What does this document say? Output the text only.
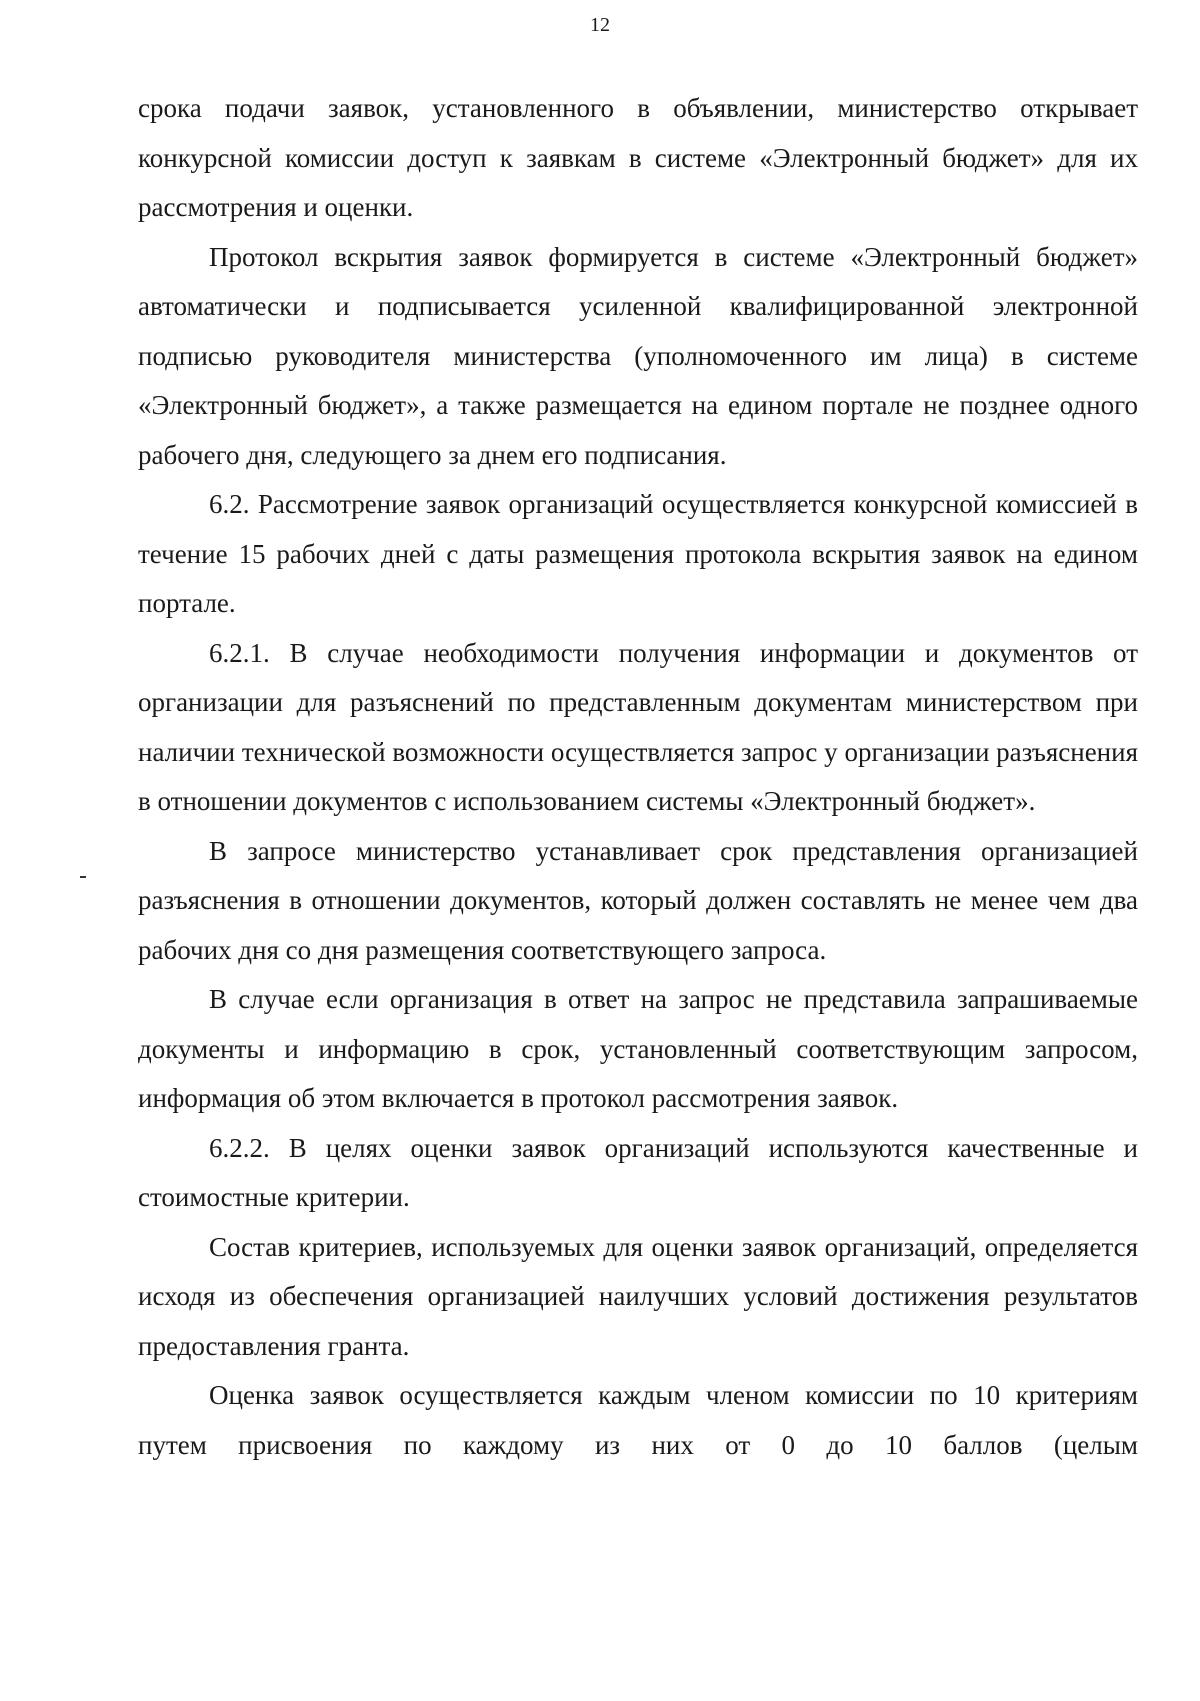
12

срока подачи заявок, установленного в объявлении, министерство открывает конкурсной комиссии доступ к заявкам в системе «Электронный бюджет» для их рассмотрения и оценки.

Протокол вскрытия заявок формируется в системе «Электронный бюджет» автоматически и подписывается усиленной квалифицированной электронной подписью руководителя министерства (уполномоченного им лица) в системе «Электронный бюджет», а также размещается на едином портале не позднее одного рабочего дня, следующего за днем его подписания.

6.2. Рассмотрение заявок организаций осуществляется конкурсной комиссией в течение 15 рабочих дней с даты размещения протокола вскрытия заявок на едином портале.

6.2.1. В случае необходимости получения информации и документов от организации для разъяснений по представленным документам министерством при наличии технической возможности осуществляется запрос у организации разъяснения в отношении документов с использованием системы «Электронный бюджет».

В запросе министерство устанавливает срок представления организацией разъяснения в отношении документов, который должен составлять не менее чем два рабочих дня со дня размещения соответствующего запроса.

В случае если организация в ответ на запрос не представила запрашиваемые документы и информацию в срок, установленный соответствующим запросом, информация об этом включается в протокол рассмотрения заявок.

6.2.2. В целях оценки заявок организаций используются качественные и стоимостные критерии.

Состав критериев, используемых для оценки заявок организаций, определяется исходя из обеспечения организацией наилучших условий достижения результатов предоставления гранта.

Оценка заявок осуществляется каждым членом комиссии по 10 критериям путем присвоения по каждому из них от 0 до 10 баллов (целым
